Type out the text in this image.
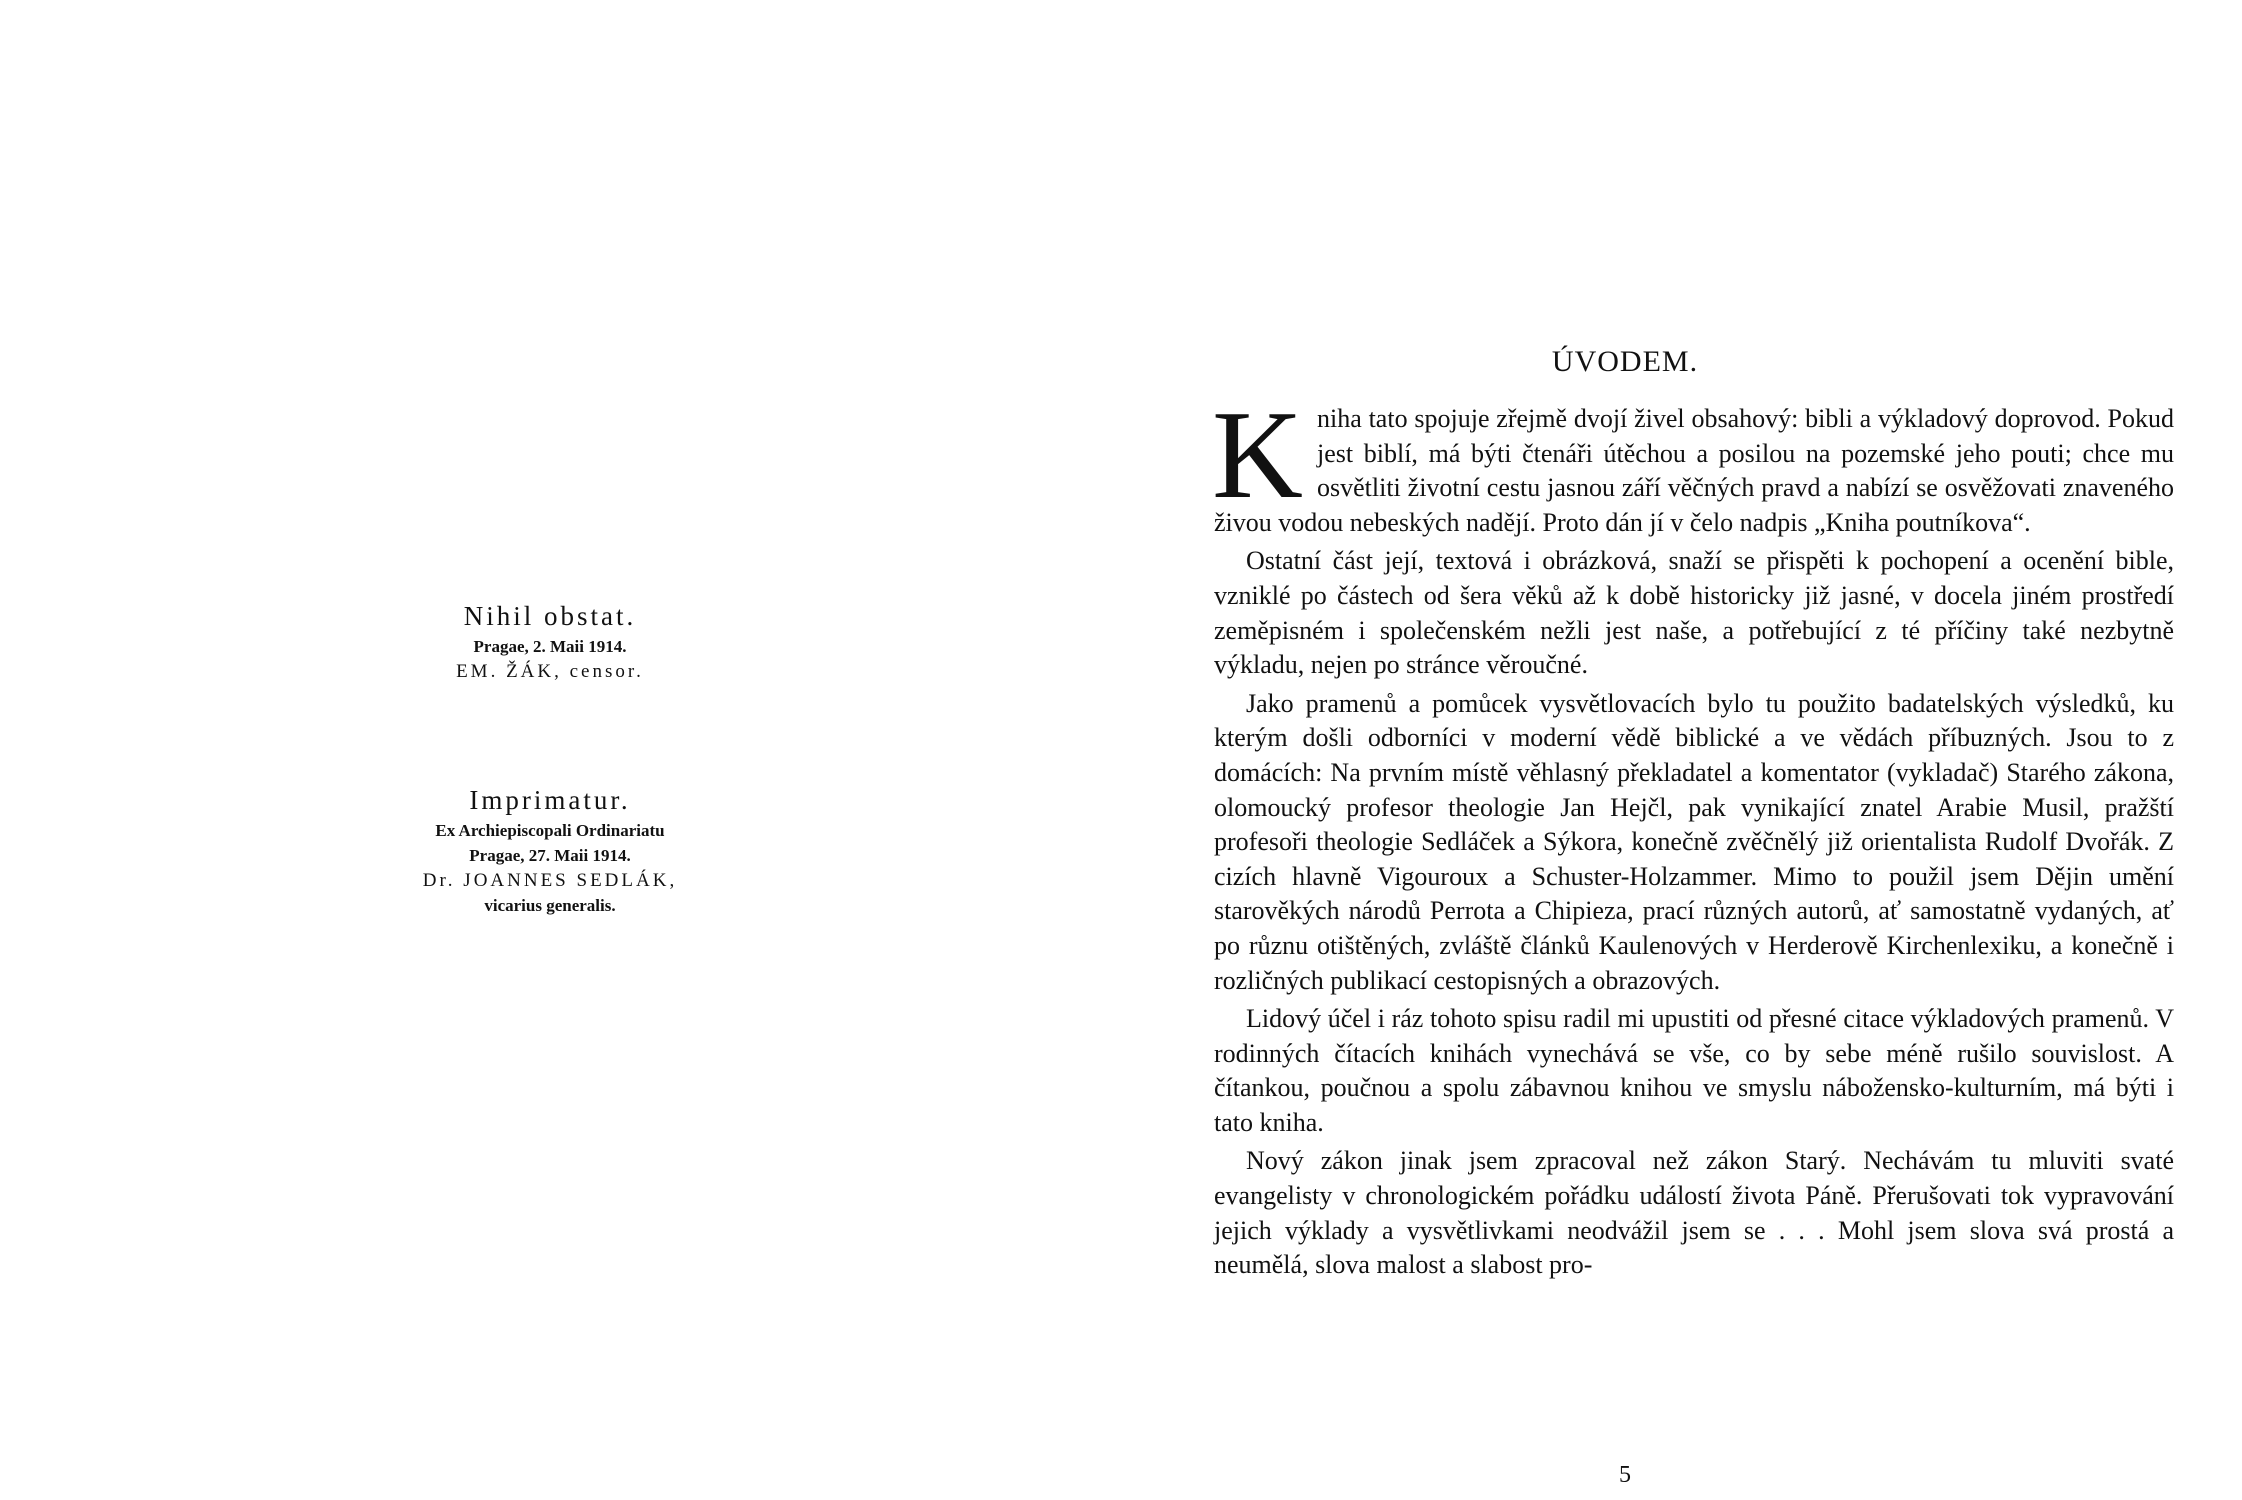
Nihil obstat.
Pragae, 2. Maii 1914.
EM. ŽÁK, censor.
Imprimatur.
Ex Archiepiscopali Ordinariatu
Pragae, 27. Maii 1914.
Dr. JOANNES SEDLÁK,
vicarius generalis.
ÚVODEM.

Kniha tato spojuje zřejmě dvojí živel obsahový: bibli a výkladový doprovod. Pokud jest biblí, má býti čtenáři útěchou a posilou na pozemské jeho pouti; chce mu osvětliti životní cestu jasnou září věčných pravd a nabízí se osvěžovati znaveného živou vodou nebeských nadějí. Proto dán jí v čelo nadpis „Kniha poutníkova“.

Ostatní část její, textová i obrázková, snaží se přispěti k pochopení a ocenění bible, vzniklé po částech od šera věků až k době historicky již jasné, v docela jiném prostředí zeměpisném i společenském nežli jest naše, a potřebující z té příčiny také nezbytně výkladu, nejen po stránce věroučné.

Jako pramenů a pomůcek vysvětlovacích bylo tu použito badatelských výsledků, ku kterým došli odborníci v moderní vědě biblické a ve vědách příbuzných. Jsou to z domácích: Na prvním místě věhlasný překladatel a komentator (vykladač) Starého zákona, olomoucký profesor theologie Jan Hejčl, pak vynikající znatel Arabie Musil, pražští profesoři theologie Sedláček a Sýkora, konečně zvěčnělý již orientalista Rudolf Dvořák. Z cizích hlavně Vigouroux a Schuster-Holzammer. Mimo to použil jsem Dějin umění starověkých národů Perrota a Chipieza, prací různých autorů, ať samostatně vydaných, ať po různu otištěných, zvláště článků Kaulenových v Herderově Kirchenlexiku, a konečně i rozličných publikací cestopisných a obrazových.

Lidový účel i ráz tohoto spisu radil mi upustiti od přesné citace výkladových pramenů. V rodinných čítacích knihách vynechává se vše, co by sebe méně rušilo souvislost. A čítankou, poučnou a spolu zábavnou knihou ve smyslu nábožensko-kulturním, má býti i tato kniha.

Nový zákon jinak jsem zpracoval než zákon Starý. Nechávám tu mluviti svaté evangelisty v chronologickém pořádku událostí života Páně. Přerušovati tok vypravování jejich výklady a vysvětlivkami neodvážil jsem se . . . Mohl jsem slova svá prostá a neumělá, slova malost a slabost pro-

5
